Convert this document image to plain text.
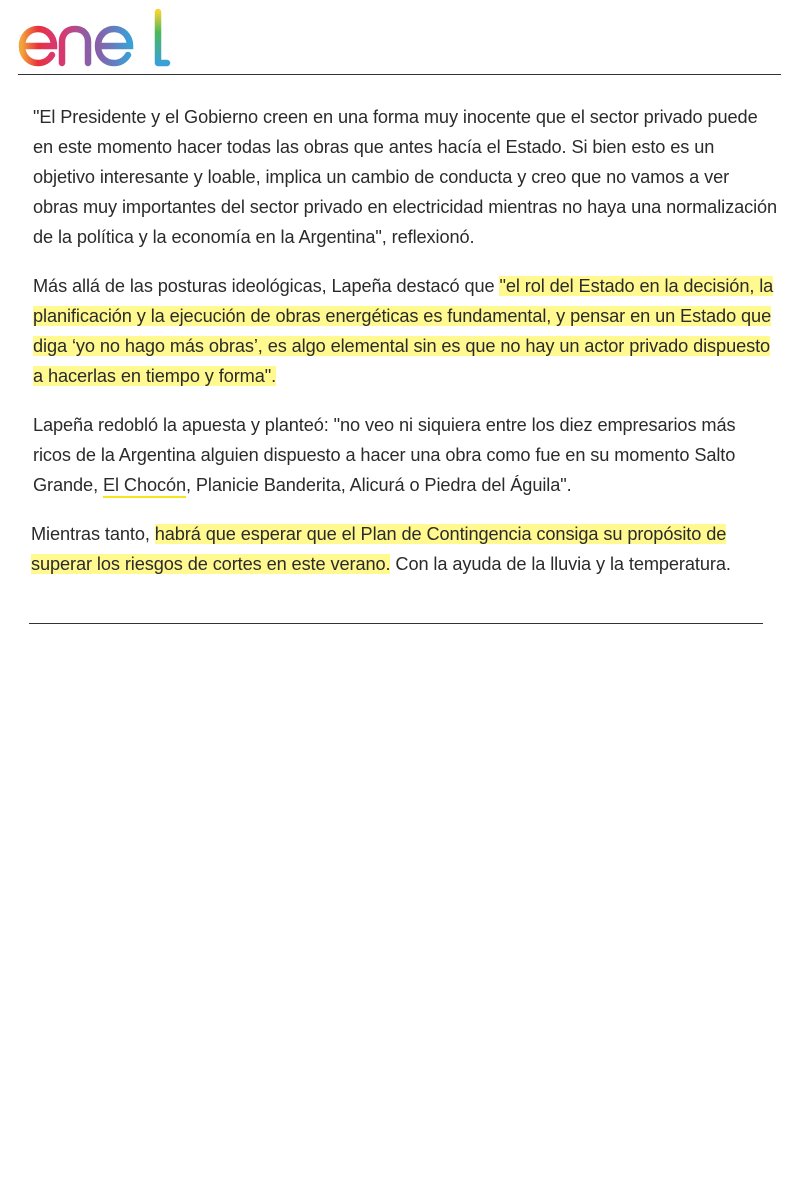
"El Presidente y el Gobierno creen en una forma muy inocente que el sector privado puede en este momento hacer todas las obras que antes hacía el Estado. Si bien esto es un objetivo interesante y loable, implica un cambio de conducta y creo que no vamos a ver obras muy importantes del sector privado en electricidad mientras no haya una normalización de la política y la economía en la Argentina", reflexionó.

Más allá de las posturas ideológicas, Lapeña destacó que "el rol del Estado en la decisión, la planificación y la ejecución de obras energéticas es fundamental, y pensar en un Estado que diga ‘yo no hago más obras’, es algo elemental sin es que no hay un actor privado dispuesto a hacerlas en tiempo y forma".

Lapeña redobló la apuesta y planteó: "no veo ni siquiera entre los diez empresarios más ricos de la Argentina alguien dispuesto a hacer una obra como fue en su momento Salto Grande, El Chocón, Planicie Banderita, Alicurá o Piedra del Águila".

Mientras tanto, habrá que esperar que el Plan de Contingencia consiga su propósito de superar los riesgos de cortes en este verano. Con la ayuda de la lluvia y la temperatura.
